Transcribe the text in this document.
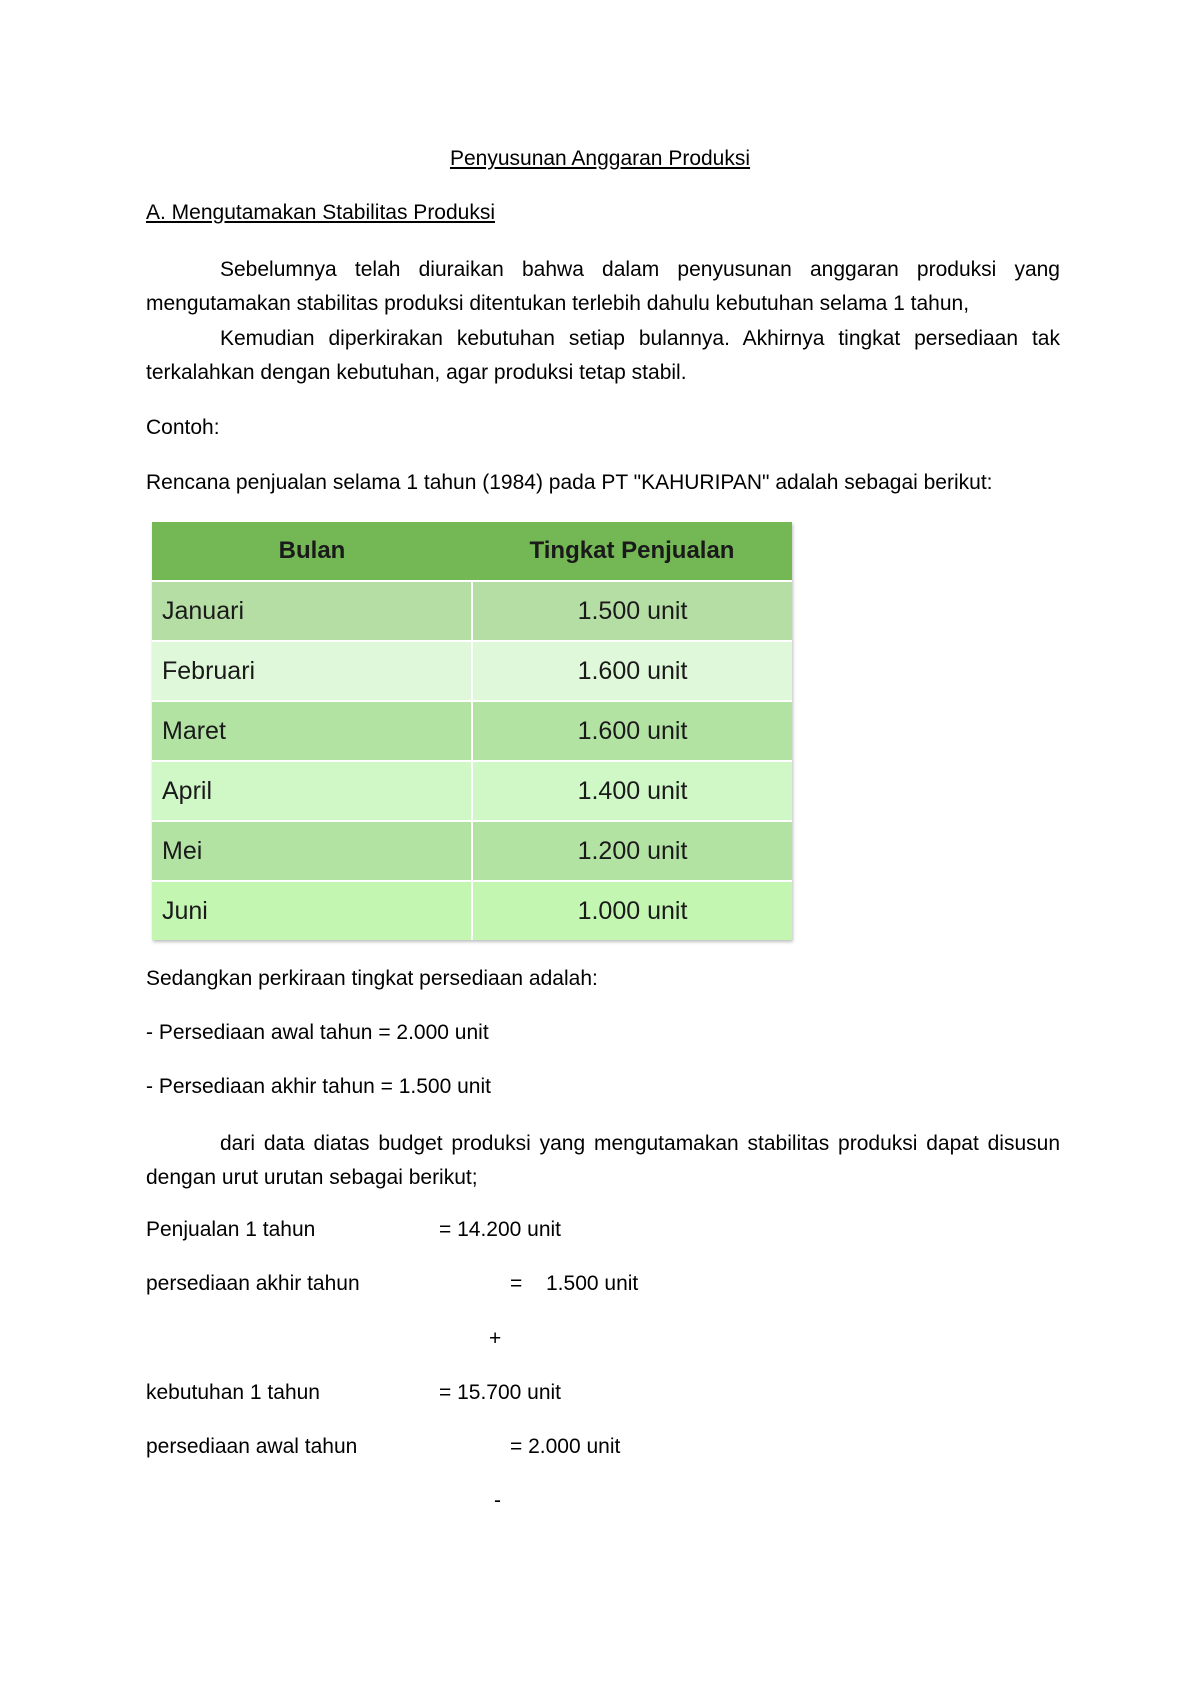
Penyusunan Anggaran Produksi
A. Mengutamakan Stabilitas Produksi
Sebelumnya telah diuraikan bahwa dalam penyusunan anggaran produksi yang mengutamakan stabilitas produksi ditentukan terlebih dahulu kebutuhan selama 1 tahun,
Kemudian diperkirakan kebutuhan setiap bulannya. Akhirnya tingkat persediaan tak terkalahkan dengan kebutuhan, agar produksi tetap stabil.
Contoh:
Rencana penjualan selama 1 tahun (1984) pada PT "KAHURIPAN" adalah sebagai berikut:
Bulan	Tingkat Penjualan
Januari	1.500 unit
Februari	1.600 unit
Maret	1.600 unit
April	1.400 unit
Mei	1.200 unit
Juni	1.000 unit
Sedangkan perkiraan tingkat persediaan adalah:
- Persediaan awal tahun = 2.000 unit
- Persediaan akhir tahun = 1.500 unit
dari data diatas budget produksi yang mengutamakan stabilitas produksi dapat disusun dengan urut urutan sebagai berikut;
Penjualan 1 tahun	= 14.200 unit
persediaan akhir tahun	= 1.500 unit
+
kebutuhan 1 tahun	= 15.700 unit
persediaan awal tahun	= 2.000 unit
-
